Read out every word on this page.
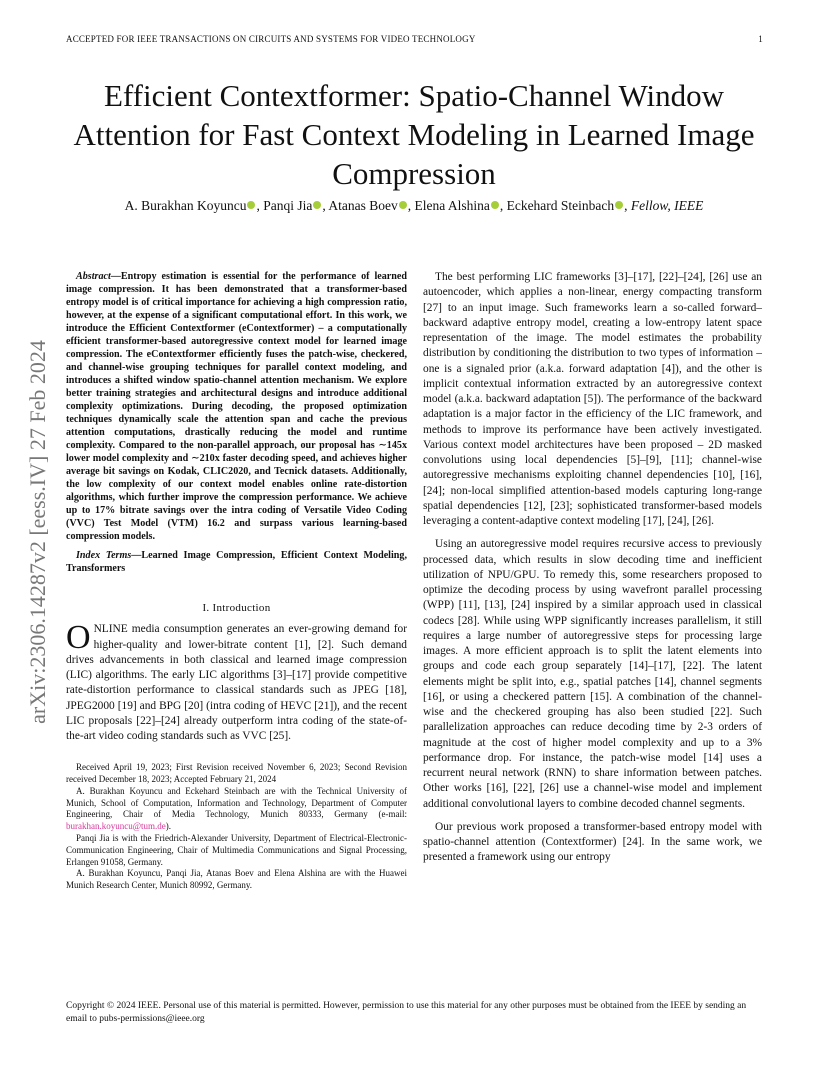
ACCEPTED FOR IEEE TRANSACTIONS ON CIRCUITS AND SYSTEMS FOR VIDEO TECHNOLOGY	1
Efficient Contextformer: Spatio-Channel Window Attention for Fast Context Modeling in Learned Image Compression
A. Burakhan Koyuncu , Panqi Jia , Atanas Boev , Elena Alshina , Eckehard Steinbach , Fellow, IEEE
arXiv:2306.14287v2 [eess.IV] 27 Feb 2024

Abstract—Entropy estimation is essential for the performance of learned image compression. It has been demonstrated that a transformer-based entropy model is of critical importance for achieving a high compression ratio, however, at the expense of a significant computational effort. In this work, we introduce the Efficient Contextformer (eContextformer) – a computationally efficient transformer-based autoregressive context model for learned image compression. The eContextformer efficiently fuses the patch-wise, checkered, and channel-wise grouping techniques for parallel context modeling, and introduces a shifted window spatio-channel attention mechanism. We explore better training strategies and architectural designs and introduce additional complexity optimizations. During decoding, the proposed optimization techniques dynamically scale the attention span and cache the previous attention computations, drastically reducing the model and runtime complexity. Compared to the non-parallel approach, our proposal has ∼145x lower model complexity and ∼210x faster decoding speed, and achieves higher average bit savings on Kodak, CLIC2020, and Tecnick datasets. Additionally, the low complexity of our context model enables online rate-distortion algorithms, which further improve the compression performance. We achieve up to 17% bitrate savings over the intra coding of Versatile Video Coding (VVC) Test Model (VTM) 16.2 and surpass various learning-based compression models.

Index Terms—Learned Image Compression, Efficient Context Modeling, Transformers

I. Introduction

ONLINE media consumption generates an ever-growing demand for higher-quality and lower-bitrate content [1], [2]. Such demand drives advancements in both classical and learned image compression (LIC) algorithms. The early LIC algorithms [3]–[17] provide competitive rate-distortion performance to classical standards such as JPEG [18], JPEG2000 [19] and BPG [20] (intra coding of HEVC [21]), and the recent LIC proposals [22]–[24] already outperform intra coding of the state-of-the-art video coding standards such as VVC [25].

Received April 19, 2023; First Revision received November 6, 2023; Second Revision received December 18, 2023; Accepted February 21, 2024

A. Burakhan Koyuncu and Eckehard Steinbach are with the Technical University of Munich, School of Computation, Information and Technology, Department of Computer Engineering, Chair of Media Technology, Munich 80333, Germany (e-mail: burakhan.koyuncu@tum.de).

Panqi Jia is with the Friedrich-Alexander University, Department of Electrical-Electronic-Communication Engineering, Chair of Multimedia Communications and Signal Processing, Erlangen 91058, Germany.

A. Burakhan Koyuncu, Panqi Jia, Atanas Boev and Elena Alshina are with the Huawei Munich Research Center, Munich 80992, Germany.

The best performing LIC frameworks [3]–[17], [22]–[24], [26] use an autoencoder, which applies a non-linear, energy compacting transform [27] to an input image. Such frameworks learn a so-called forward–backward adaptive entropy model, creating a low-entropy latent space representation of the image. The model estimates the probability distribution by conditioning the distribution to two types of information – one is a signaled prior (a.k.a. forward adaptation [4]), and the other is implicit contextual information extracted by an autoregressive context model (a.k.a. backward adaptation [5]). The performance of the backward adaptation is a major factor in the efficiency of the LIC framework, and methods to improve its performance have been actively investigated. Various context model architectures have been proposed – 2D masked convolutions using local dependencies [5]–[9], [11]; channel-wise autoregressive mechanisms exploiting channel dependencies [10], [16], [24]; non-local simplified attention-based models capturing long-range spatial dependencies [12], [23]; sophisticated transformer-based models leveraging a content-adaptive context modeling [17], [24], [26].

Using an autoregressive model requires recursive access to previously processed data, which results in slow decoding time and inefficient utilization of NPU/GPU. To remedy this, some researchers proposed to optimize the decoding process by using wavefront parallel processing (WPP) [11], [13], [24] inspired by a similar approach used in classical codecs [28]. While using WPP significantly increases parallelism, it still requires a large number of autoregressive steps for processing large images. A more efficient approach is to split the latent elements into groups and code each group separately [14]–[17], [22]. The latent elements might be split into, e.g., spatial patches [14], channel segments [16], or using a checkered pattern [15]. A combination of the channel-wise and the checkered grouping has also been studied [22]. Such parallelization approaches can reduce decoding time by 2-3 orders of magnitude at the cost of higher model complexity and up to a 3% performance drop. For instance, the patch-wise model [14] uses a recurrent neural network (RNN) to share information between patches. Other works [16], [22], [26] use a channel-wise model and implement additional convolutional layers to combine decoded channel segments.

Our previous work proposed a transformer-based entropy model with spatio-channel attention (Contextformer) [24]. In the same work, we presented a framework using our entropy

Copyright © 2024 IEEE. Personal use of this material is permitted. However, permission to use this material for any other purposes must be obtained from the IEEE by sending an email to pubs-permissions@ieee.org
